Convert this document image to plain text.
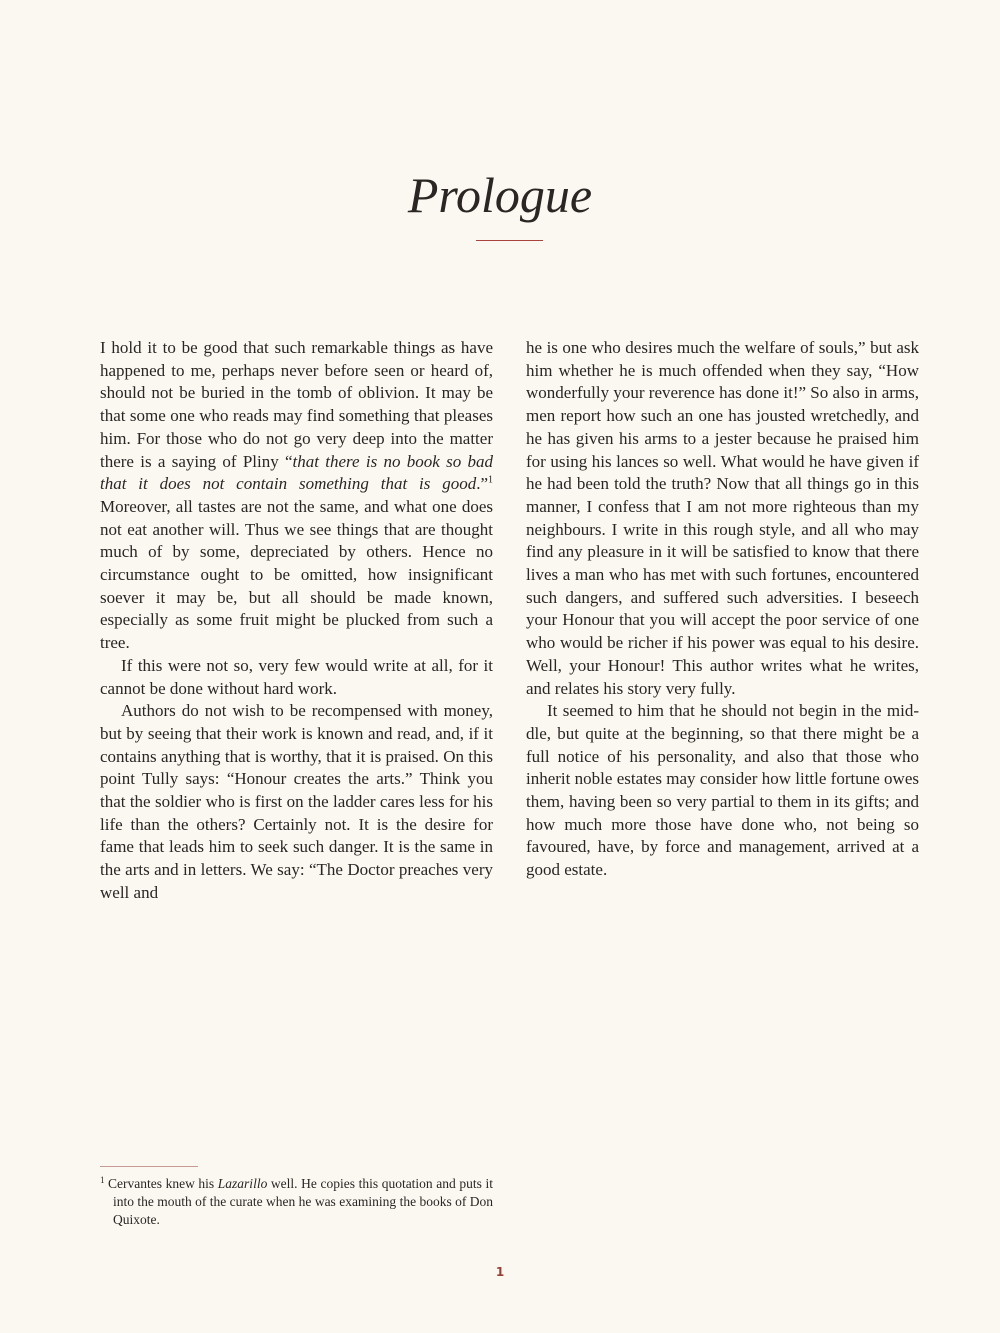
Prologue

I hold it to be good that such remarkable things as have happened to me, perhaps never before seen or heard of, should not be buried in the tomb of oblivion. It may be that some one who reads may find something that pleases him. For those who do not go very deep into the matter there is a saying of Pliny “that there is no book so bad that it does not contain something that is good.”$^1$ Moreover, all tastes are not the same, and what one does not eat another will. Thus we see things that are thought much of by some, depreciated by others. Hence no circumstance ought to be omitted, how insignificant soever it may be, but all should be made known, especially as some fruit might be plucked from such a tree.

If this were not so, very few would write at all, for it cannot be done without hard work.

Authors do not wish to be recompensed with money, but by seeing that their work is known and read, and, if it contains anything that is worthy, that it is praised. On this point Tully says: “Honour creates the arts.” Think you that the soldier who is first on the ladder cares less for his life than the others? Certainly not. It is the desire for fame that leads him to seek such danger. It is the same in the arts and in letters. We say: “The Doctor preaches very well and

he is one who desires much the welfare of souls,” but ask him whether he is much offended when they say, “How wonderfully your reverence has done it!” So also in arms, men report how such an one has jousted wretchedly, and he has given his arms to a jester because he praised him for using his lances so well. What would he have given if he had been told the truth? Now that all things go in this manner, I confess that I am not more righteous than my neighbours. I write in this rough style, and all who may find any pleasure in it will be satisfied to know that there lives a man who has met with such fortunes, encountered such dangers, and suffered such adversities. I beseech your Honour that you will accept the poor service of one who would be richer if his power was equal to his desire. Well, your Honour! This author writes what he writes, and relates his story very fully.

It seemed to him that he should not begin in the mid-dle, but quite at the beginning, so that there might be a full notice of his personality, and also that those who inherit noble estates may consider how little fortune owes them, having been so very partial to them in its gifts; and how much more those have done who, not being so favoured, have, by force and management, arrived at a good estate.

1 Cervantes knew his Lazarillo well. He copies this quotation and puts it into the mouth of the curate when he was examining the books of Don Quixote.
1
